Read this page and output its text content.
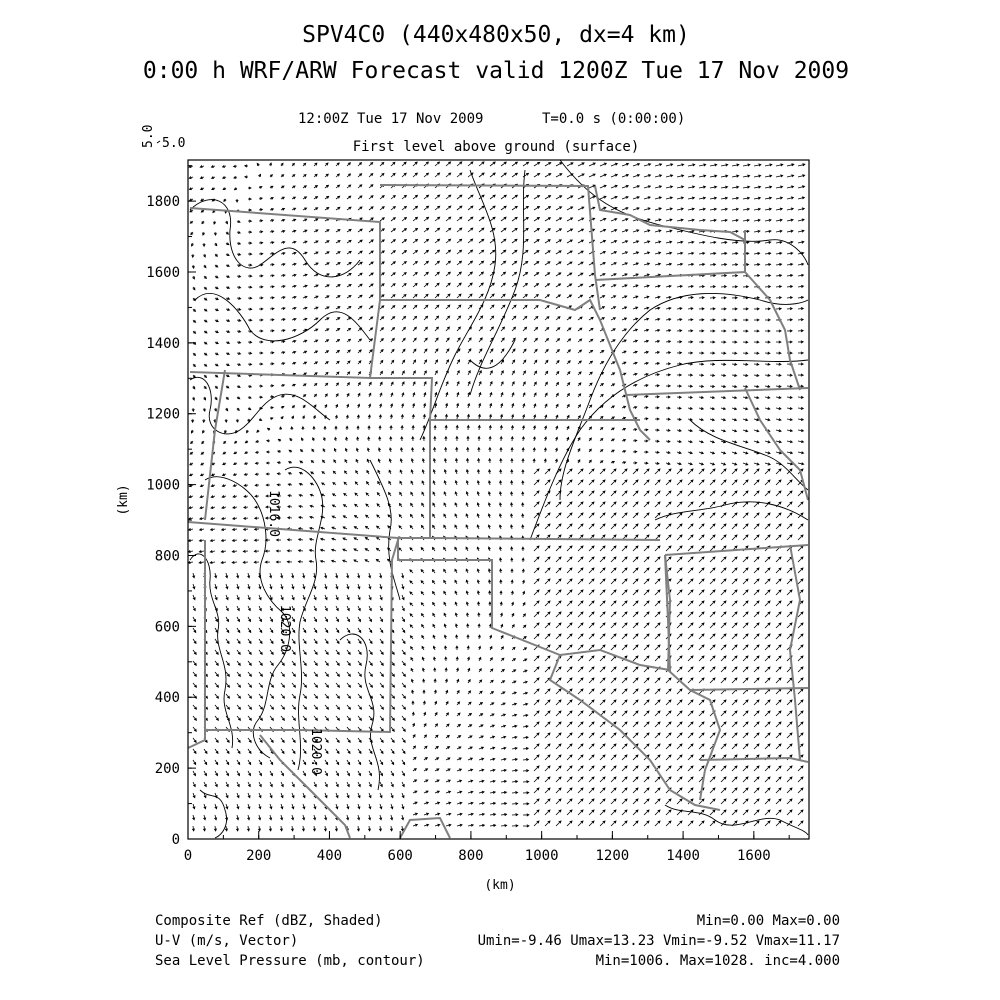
SPV4C0 (440x480x50, dx=4 km)
0:00 h WRF/ARW Forecast valid 1200Z Tue 17 Nov 2009
12:00Z Tue 17 Nov 2009	T=0.0 s (0:00:00)
First level above ground (surface)
5.0 5.0
1020.0
1020.0
1016.0
0	200	400	600	800	1000	1200	1400	1600
0
200
400
600
800
1000
1200
1400
1600
1800
(km)
(km)
Composite Ref (dBZ, Shaded)	Min=0.00 Max=0.00
U-V (m/s, Vector)	Umin=-9.46 Umax=13.23 Vmin=-9.52 Vmax=11.17
Sea Level Pressure (mb, contour)	Min=1006. Max=1028. inc=4.000
